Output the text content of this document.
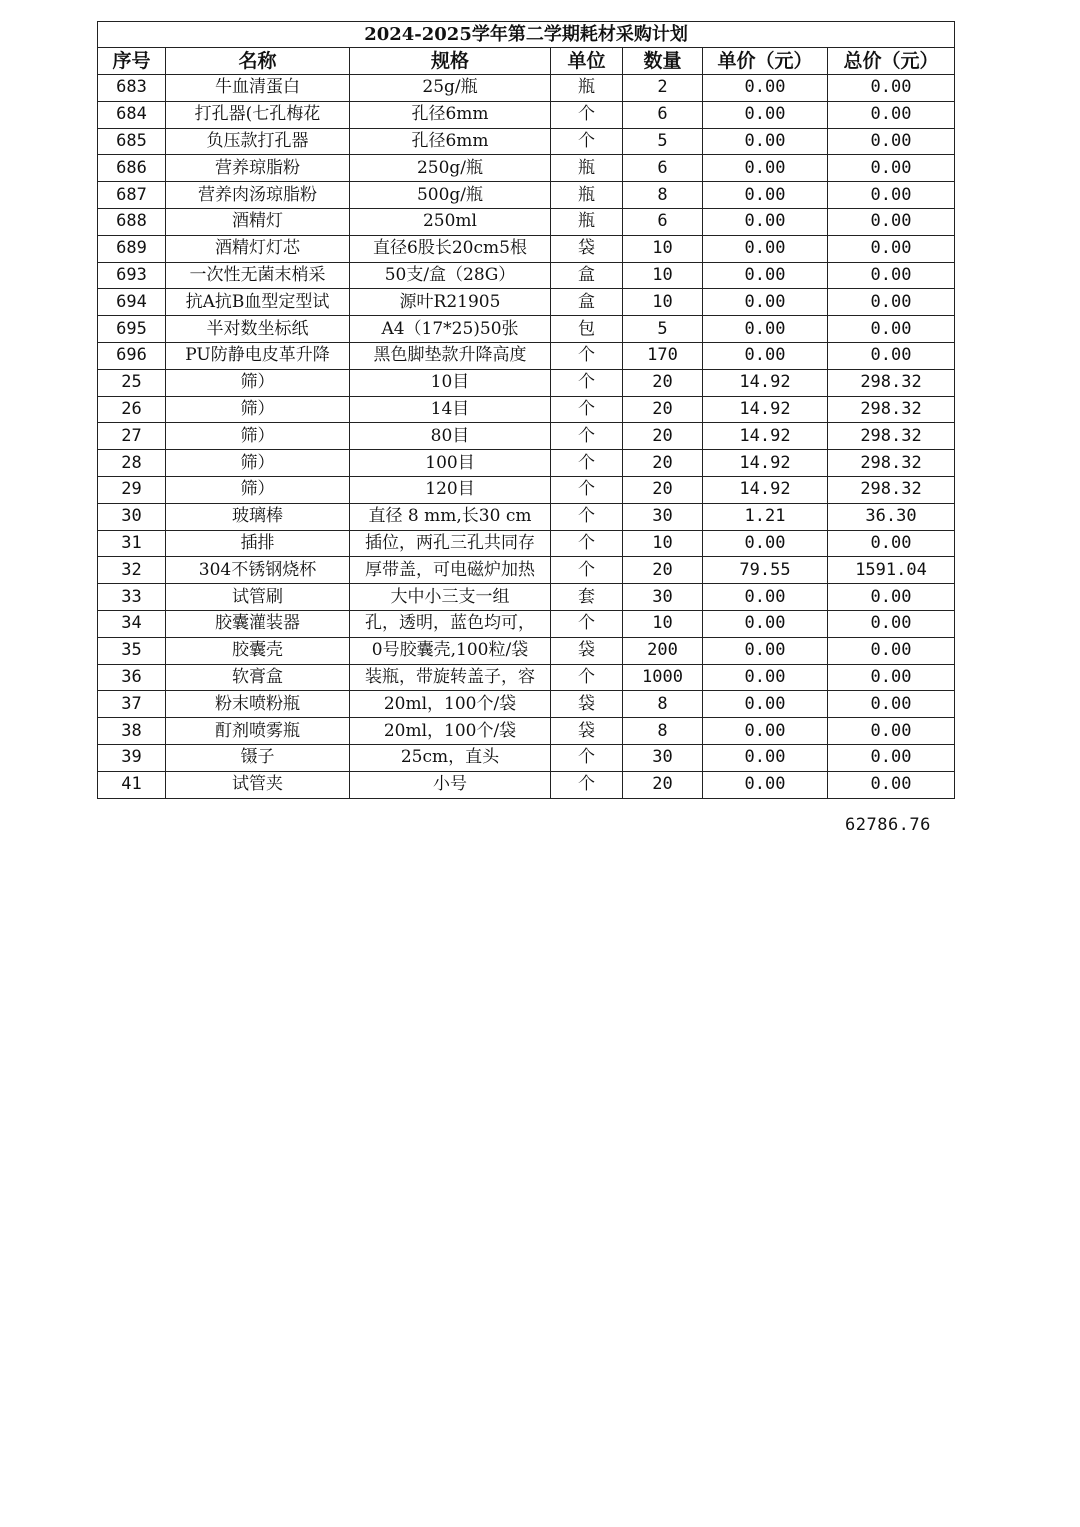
2024-2025学年第二学期耗材采购计划						
序号	名称	规格	单位	数量	单价（元）	总价（元）
683	牛血清蛋白	25g/瓶	瓶	2	0.00	0.00
684	打孔器(七孔梅花	孔径6mm	个	6	0.00	0.00
685	负压款打孔器	孔径6mm	个	5	0.00	0.00
686	营养琼脂粉	250g/瓶	瓶	6	0.00	0.00
687	营养肉汤琼脂粉	500g/瓶	瓶	8	0.00	0.00
688	酒精灯	250ml	瓶	6	0.00	0.00
689	酒精灯灯芯	直径6股长20cm5根	袋	10	0.00	0.00
693	一次性无菌末梢采	50支/盒（28G）	盒	10	0.00	0.00
694	抗A抗B血型定型试	源叶R21905	盒	10	0.00	0.00
695	半对数坐标纸	A4（17*25)50张	包	5	0.00	0.00
696	PU防静电皮革升降	黑色脚垫款升降高度	个	170	0.00	0.00
25	筛）	10目	个	20	14.92	298.32
26	筛）	14目	个	20	14.92	298.32
27	筛）	80目	个	20	14.92	298.32
28	筛）	100目	个	20	14.92	298.32
29	筛）	120目	个	20	14.92	298.32
30	玻璃棒	直径 8 mm,长30 cm	个	30	1.21	36.30
31	插排	插位，两孔三孔共同存	个	10	0.00	0.00
32	304不锈钢烧杯	厚带盖，可电磁炉加热	个	20	79.55	1591.04
33	试管刷	大中小三支一组	套	30	0.00	0.00
34	胶囊灌装器	孔，透明，蓝色均可，	个	10	0.00	0.00
35	胶囊壳	0号胶囊壳,100粒/袋	袋	200	0.00	0.00
36	软膏盒	装瓶，带旋转盖子，容	个	1000	0.00	0.00
37	粉末喷粉瓶	20ml，100个/袋	袋	8	0.00	0.00
38	酊剂喷雾瓶	20ml，100个/袋	袋	8	0.00	0.00
39	镊子	25cm，直头	个	30	0.00	0.00
41	试管夹	小号	个	20	0.00	0.00
62786.76
